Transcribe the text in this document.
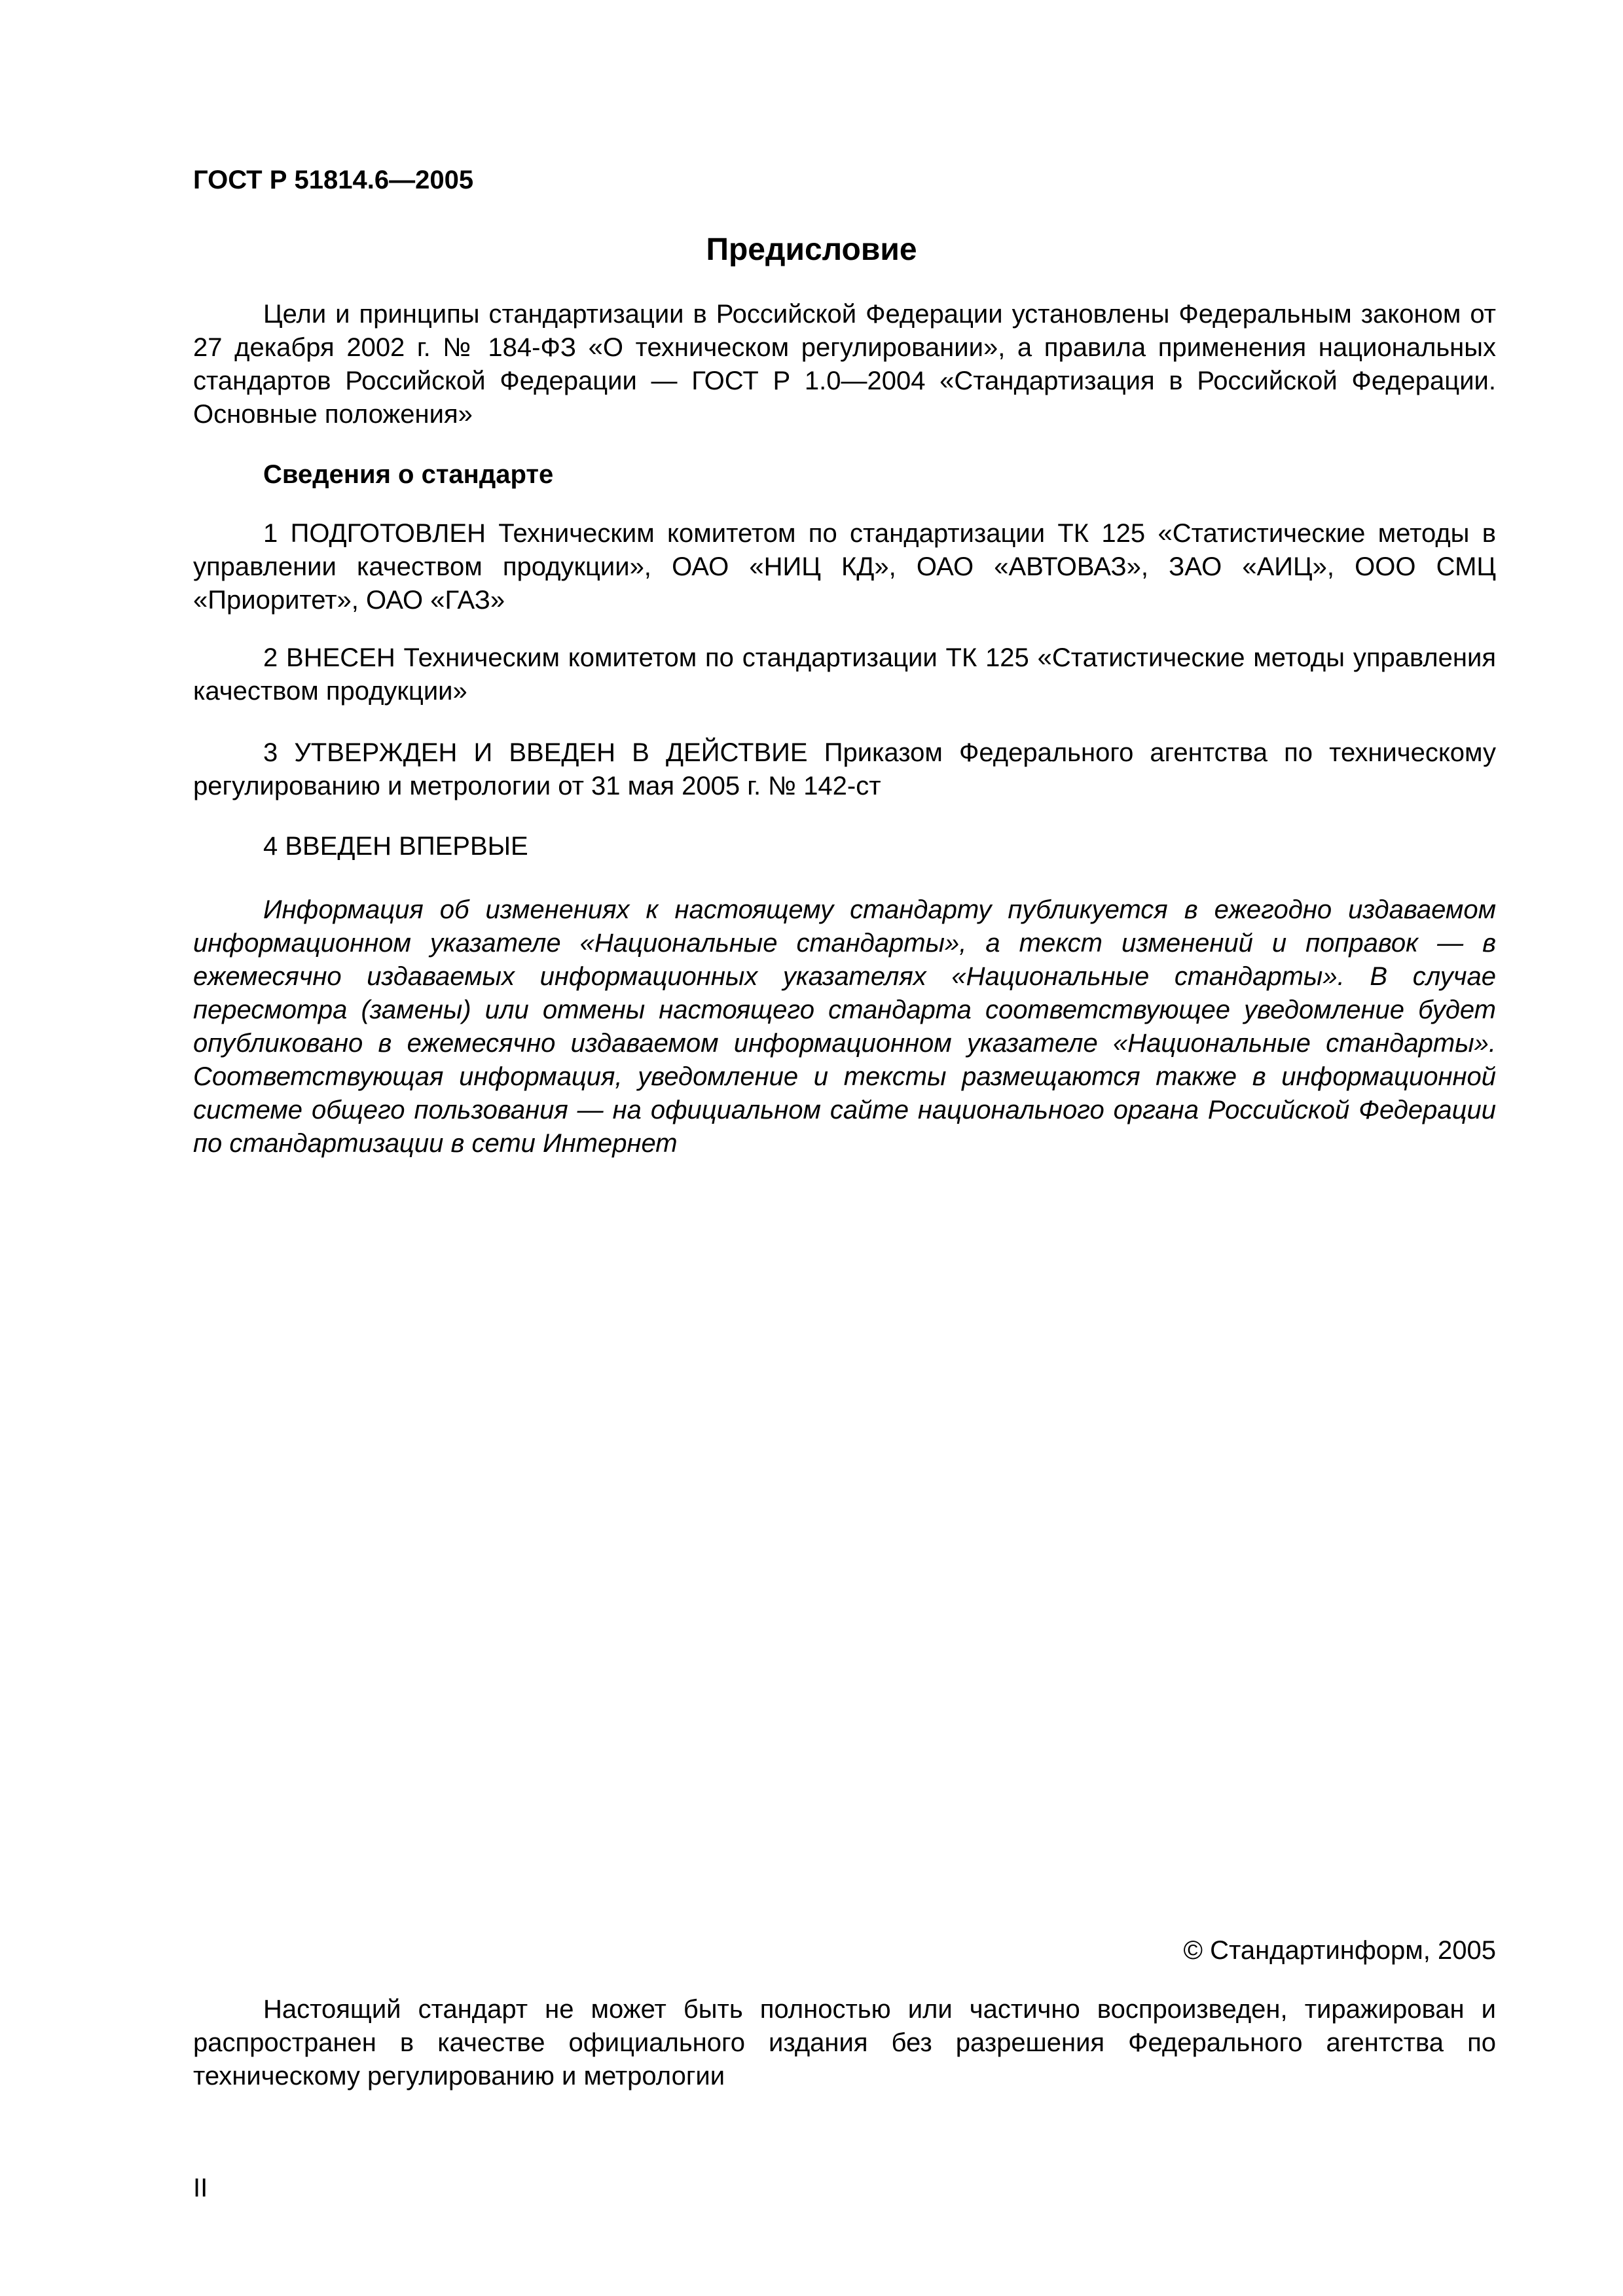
ГОСТ Р 51814.6—2005
Предисловие

Цели и принципы стандартизации в Российской Федерации установлены Федеральным законом от 27 декабря 2002 г. № 184-ФЗ «О техническом регулировании», а правила применения национальных стандартов Российской Федерации — ГОСТ Р 1.0—2004 «Стандартизация в Российской Федерации. Основные положения»

Сведения о стандарте

1 ПОДГОТОВЛЕН Техническим комитетом по стандартизации ТК 125 «Статистические методы в управлении качеством продукции», ОАО «НИЦ КД», ОАО «АВТОВАЗ», ЗАО «АИЦ», ООО СМЦ «Приоритет», ОАО «ГАЗ»

2 ВНЕСЕН Техническим комитетом по стандартизации ТК 125 «Статистические методы управления качеством продукции»

3 УТВЕРЖДЕН И ВВЕДЕН В ДЕЙСТВИЕ Приказом Федерального агентства по техническому регулированию и метрологии от 31 мая 2005 г. № 142-ст

4 ВВЕДЕН ВПЕРВЫЕ

Информация об изменениях к настоящему стандарту публикуется в ежегодно издаваемом информационном указателе «Национальные стандарты», а текст изменений и поправок — в ежемесячно издаваемых информационных указателях «Национальные стандарты». В случае пересмотра (замены) или отмены настоящего стандарта соответствующее уведомление будет опубликовано в ежемесячно издаваемом информационном указателе «Национальные стандарты». Соответствующая информация, уведомление и тексты размещаются также в информационной системе общего пользования — на официальном сайте национального органа Российской Федерации по стандартизации в сети Интернет

© Стандартинформ, 2005

Настоящий стандарт не может быть полностью или частично воспроизведен, тиражирован и распространен в качестве официального издания без разрешения Федерального агентства по техническому регулированию и метрологии

II
